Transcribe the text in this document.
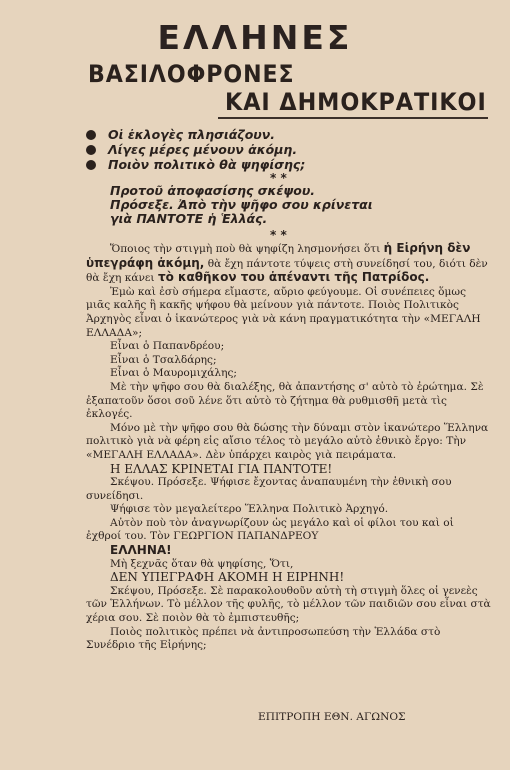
ΕΛΛΗΝΕΣ
ΒΑΣΙΛΟΦΡΟΝΕΣ
ΚΑΙ ΔΗΜΟΚΡΑΤΙΚΟΙ
Οἱ ἐκλογὲς πλησιάζουν.
Λίγες μέρες μένουν ἀκόμη.
Ποιὸν πολιτικὸ θὰ ψηφίσης;
* *
Προτοῦ ἀποφασίσης σκέψου.
Πρόσεξε. Ἀπὸ τὴν ψῆφο σου κρίνεται
γιὰ ΠΑΝΤΟΤΕ ἡ Ἑλλάς.
* *

Ὅποιος τὴν στιγμὴ ποὺ θὰ ψηφίζη λησμονήσει ὅτι ἡ Εἰρήνη δὲν ὑπεγράφη ἀκόμη, θὰ ἔχη πάντοτε τύψεις στὴ συνείδησί του, διότι δὲν θὰ ἔχη κάνει τὸ καθῆκον του ἀπέναντι τῆς Πατρίδος.

Ἐμὼ καὶ ἐσὺ σήμερα εἴμαστε, αὔριο φεύγουμε. Οἱ συνέπειες ὅμως μιᾶς καλῆς ἢ κακῆς ψήφου θὰ μείνουν γιὰ πάντοτε. Ποιὸς Πολιτικὸς Ἀρχηγὸς εἶναι ὁ ἱκανώτερος γιὰ νὰ κάνη πραγματικότητα τὴν «ΜΕΓΑΛΗ ΕΛΛΑΔΑ»;

Εἶναι ὁ Παπανδρέου;

Εἶναι ὁ Τσαλδάρης;

Εἶναι ὁ Μαυρομιχάλης;

Μὲ τὴν ψῆφο σου θὰ διαλέξης, θὰ ἀπαντήσης σ' αὐτὸ τὸ ἐρώτημα. Σὲ ἐξαπατοῦν ὅσοι σοῦ λένε ὅτι αὐτὸ τὸ ζήτημα θὰ ρυθμισθῆ μετὰ τὶς ἐκλογές.

Μόνο μὲ τὴν ψῆφο σου θὰ δώσης τὴν δύναμι στὸν ἱκανώτερο Ἕλληνα πολιτικὸ γιὰ νὰ φέρη εἰς αἴσιο τέλος τὸ μεγάλο αὐτὸ ἐθνικὸ ἔργο: Τὴν «ΜΕΓΑΛΗ ΕΛΛΑΔΑ». Δὲν ὑπάρχει καιρὸς γιὰ πειράματα.

Η ΕΛΛΑΣ ΚΡΙΝΕΤΑΙ ΓΙΑ ΠΑΝΤΟΤΕ!

Σκέψου. Πρόσεξε. Ψήφισε ἔχοντας ἀναπαυμένη τὴν ἐθνικὴ σου συνείδησι.

Ψήφισε τὸν μεγαλείτερο Ἕλληνα Πολιτικὸ Ἀρχηγό.

Αὐτὸν ποὺ τὸν ἀναγνωρίζουν ὡς μεγάλο καὶ οἱ φίλοι του καὶ οἱ ἐχθροί του. Τὸν ΓΕΩΡΓΙΟΝ ΠΑΠΑΝΔΡΕΟΥ

ΕΛΛΗΝΑ!

Μὴ ξεχνᾶς ὅταν θὰ ψηφίσης, Ὅτι,

ΔΕΝ ΥΠΕΓΡΑΦΗ ΑΚΟΜΗ Η ΕΙΡΗΝΗ!

Σκέψου, Πρόσεξε. Σὲ παρακολουθοῦν αὐτὴ τὴ στιγμὴ ὅλες οἱ γενεὲς τῶν Ἑλλήνων. Τὸ μέλλον τῆς φυλῆς, τὸ μέλλον τῶν παιδιῶν σου εἶναι στὰ χέρια σου. Σὲ ποιὸν θὰ τὸ ἐμπιστευθῆς;

Ποιὸς πολιτικὸς πρέπει νὰ ἀντιπροσωπεύση τὴν Ἑλλάδα στὸ Συνέδριο τῆς Εἰρήνης;

ΕΠΙΤΡΟΠΗ ΕΘΝ. ΑΓΩΝΟΣ
